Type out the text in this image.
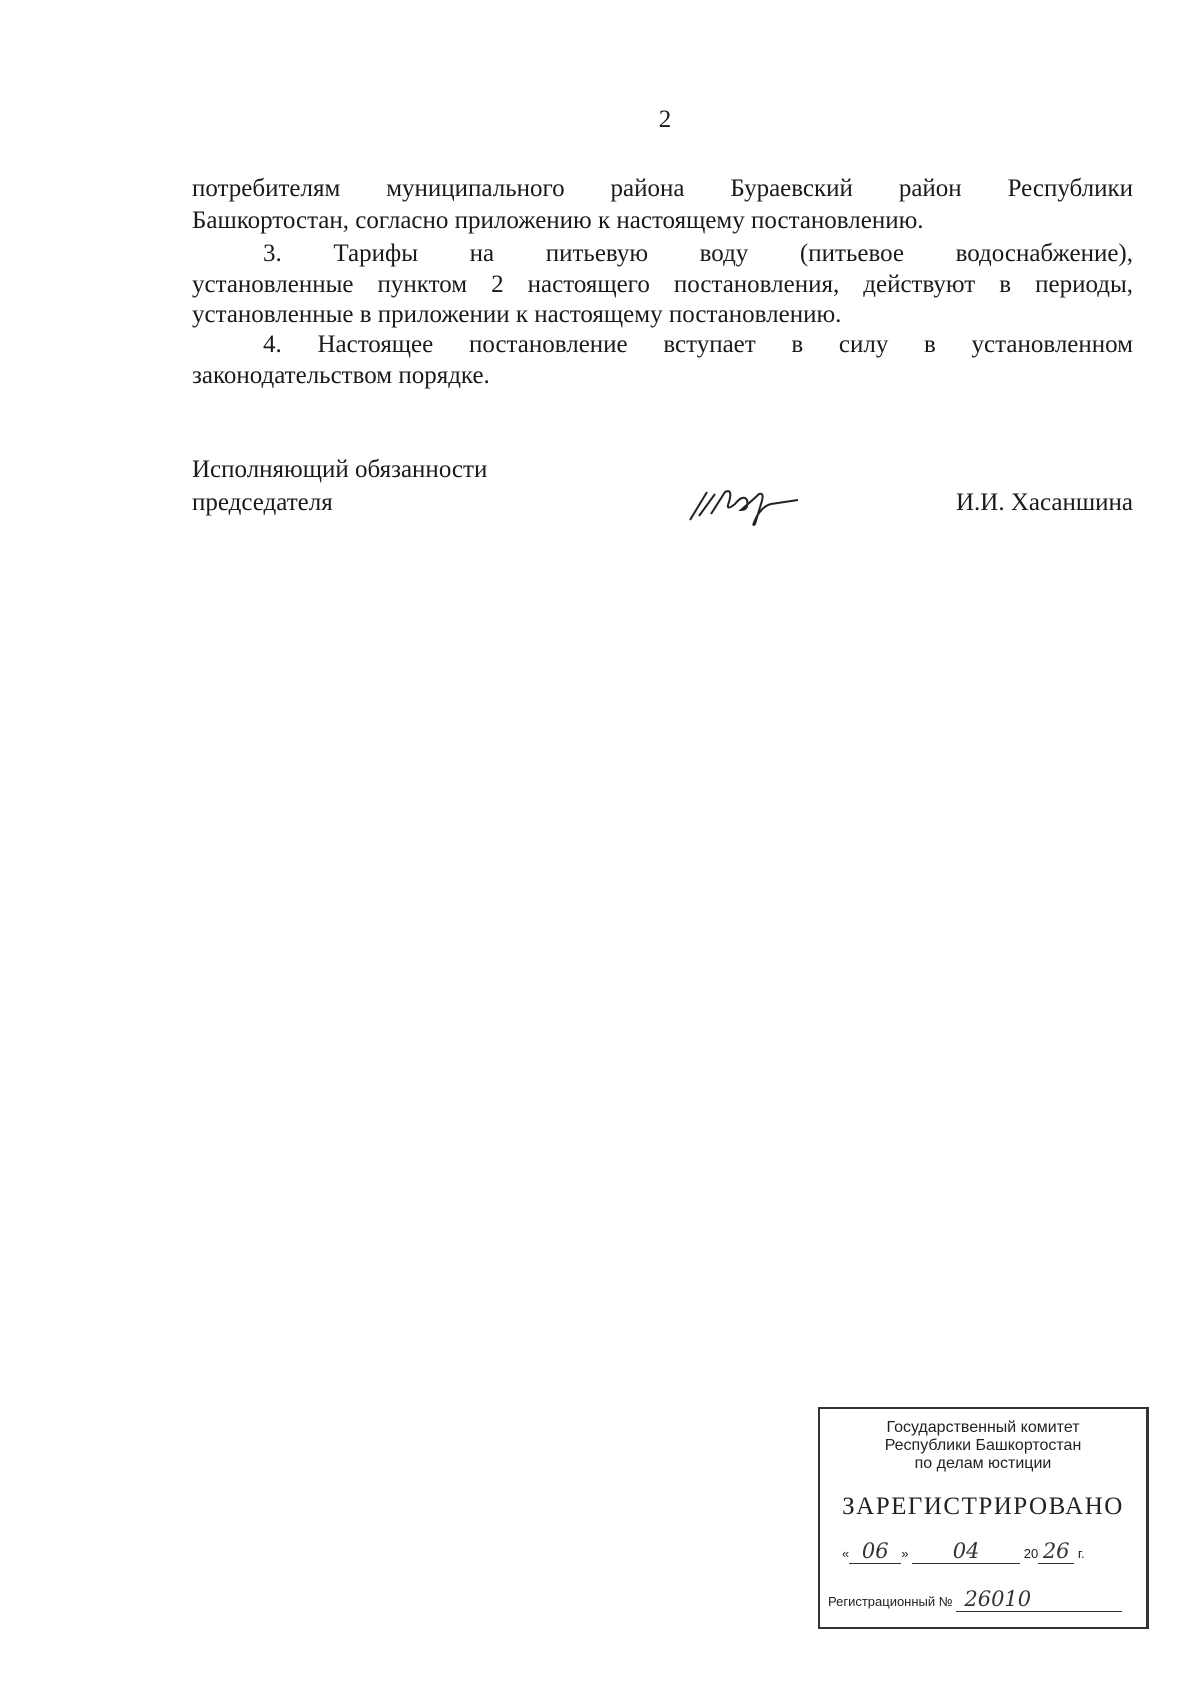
2
потребителям муниципального района Бураевский район Республики
Башкортостан, согласно приложению к настоящему постановлению.
3. Тарифы на питьевую воду (питьевое водоснабжение),
установленные пунктом 2 настоящего постановления, действуют в периоды,
установленные в приложении к настоящему постановлению.
4. Настоящее постановление вступает в силу в установленном
законодательством порядке.
Исполняющий обязанности
председателя	И.И. Хасаншина
Государственный комитет
Республики Башкортостан
по делам юстиции
ЗАРЕГИСТРИРОВАНО
« 06 » 04	20 26 г.
Регистрационный № 26010
